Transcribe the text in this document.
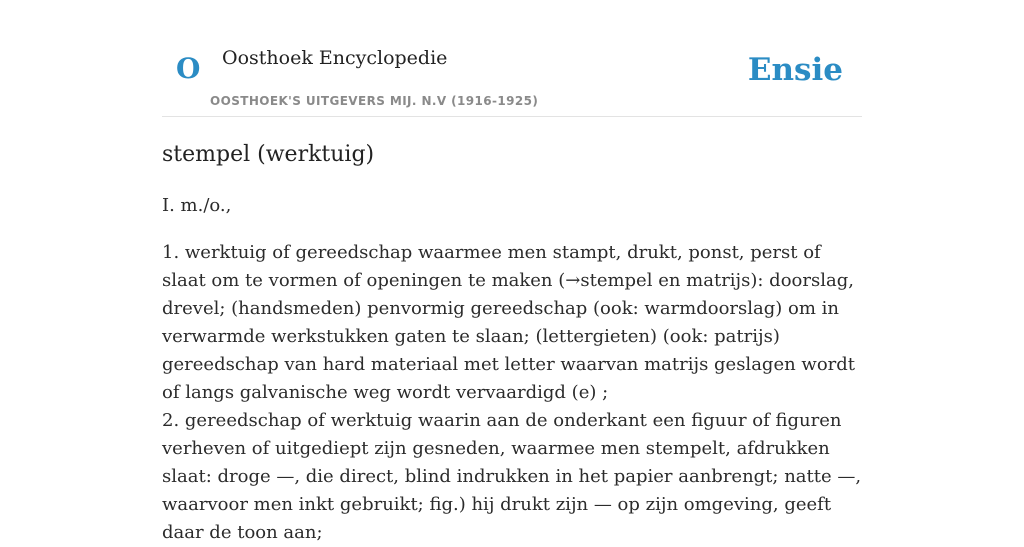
O Oosthoek Encyclopedie
OOSTHOEK'S UITGEVERS MIJ. N.V (1916-1925)
Ensie
stempel (werktuig)
I. m./o.,

1. werktuig of gereedschap waarmee men stampt, drukt, ponst, perst of slaat om te vormen of openingen te maken (→stempel en matrijs): doorslag, drevel; (handsmeden) penvormig gereedschap (ook: warmdoorslag) om in verwarmde werkstukken gaten te slaan; (lettergieten) (ook: patrijs) gereedschap van hard materiaal met letter waarvan matrijs geslagen wordt of langs galvanische weg wordt vervaardigd (e) ;

2. gereedschap of werktuig waarin aan de onderkant een figuur of figuren verheven of uitgediept zijn gesneden, waarmee men stempelt, afdrukken slaat: droge —, die direct, blind indrukken in het papier aanbrengt; natte —, waarvoor men inkt gebruikt; fig.) hij drukt zijn — op zijn omgeving, geeft daar de toon aan;
